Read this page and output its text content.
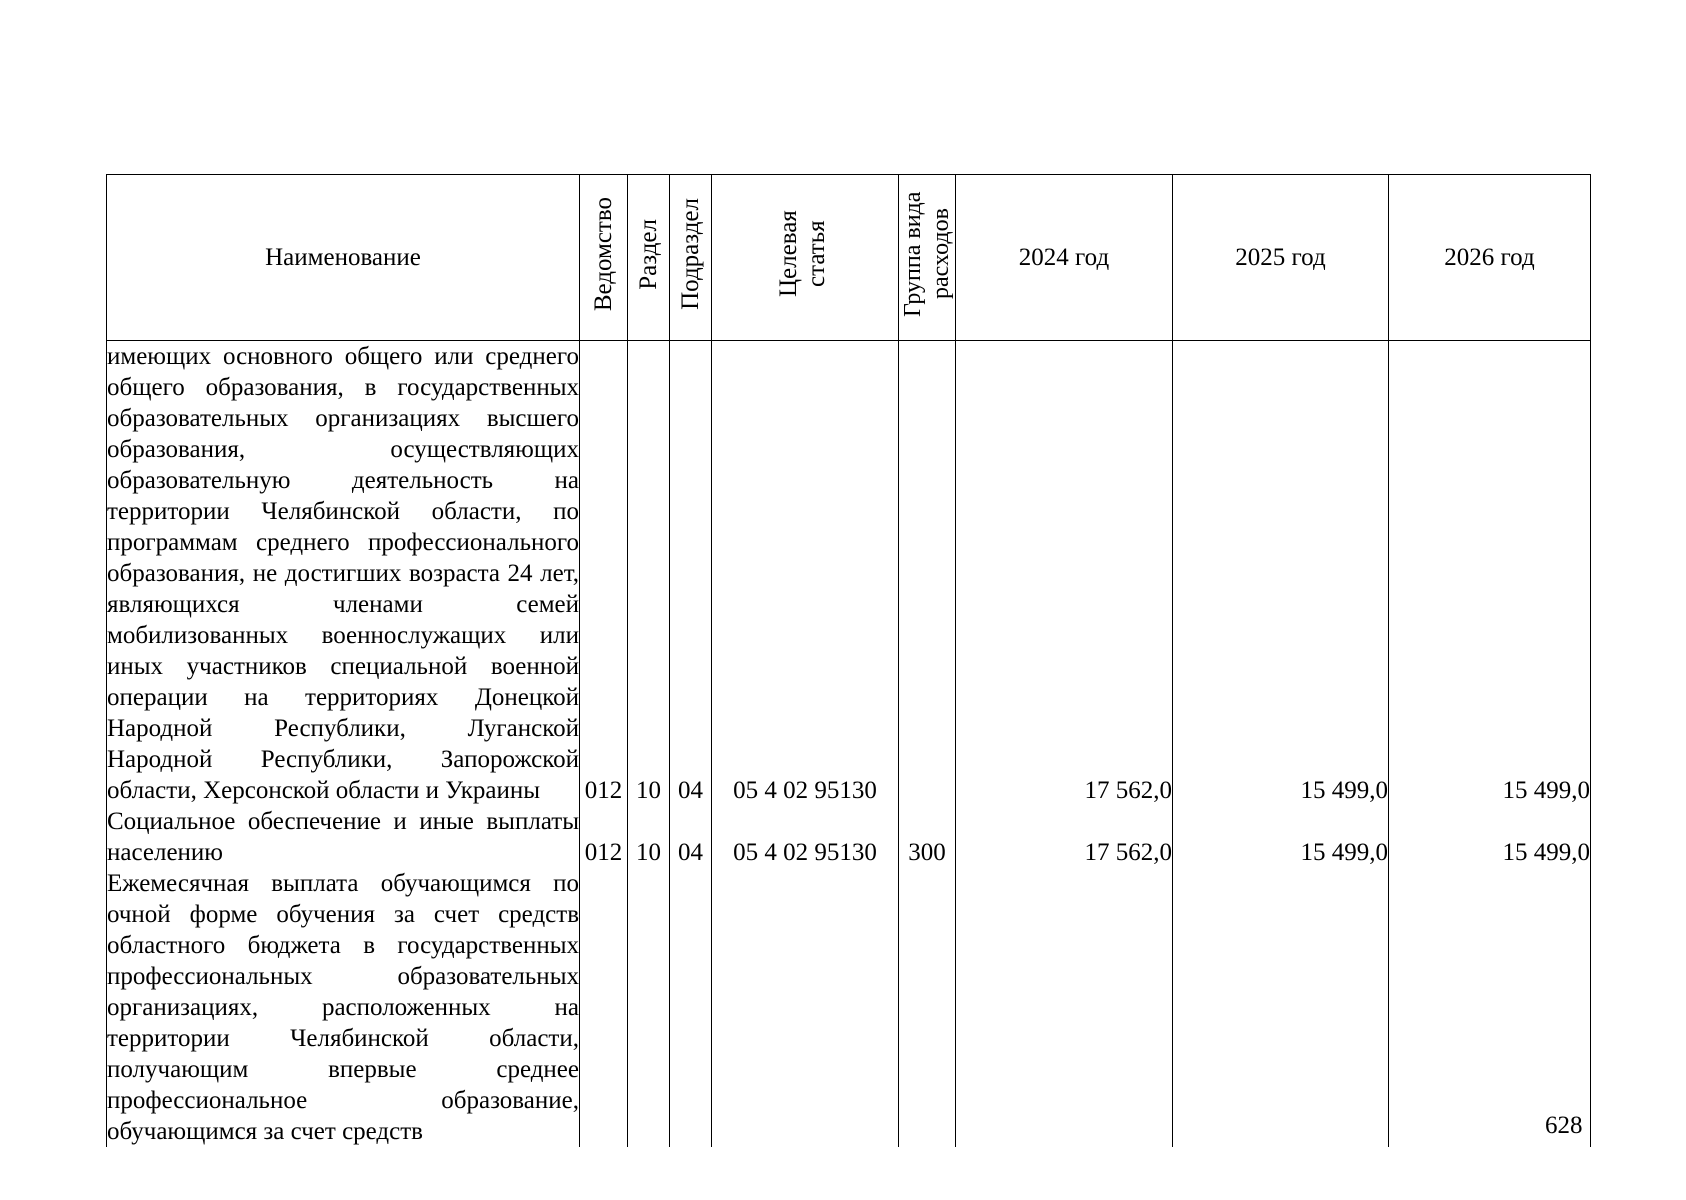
Наименование	Ведомство	Раздел	Подраздел	Целевая статья	Группа вида расходов	2024 год	2025 год	2026 год
имеющих основного общего или среднего общего образования, в государственных образовательных организациях высшего образования, осуществляющих образовательную деятельность на территории Челябинской области, по программам среднего профессионального образования, не достигших возраста 24 лет, являющихся членами семей мобилизованных военнослужащих или иных участников специальной военной операции на территориях Донецкой Народной Республики, Луганской Народной Республики, Запорожской области, Херсонской области и Украины	012	10	04	05 4 02 95130		17 562,0	15 499,0	15 499,0
Социальное обеспечение и иные выплаты населению	012	10	04	05 4 02 95130	300	17 562,0	15 499,0	15 499,0
Ежемесячная выплата обучающимся по очной форме обучения за счет средств областного бюджета в государственных профессиональных образовательных организациях, расположенных на территории Челябинской области, получающим впервые среднее профессиональное образование, обучающимся за счет средств									628
